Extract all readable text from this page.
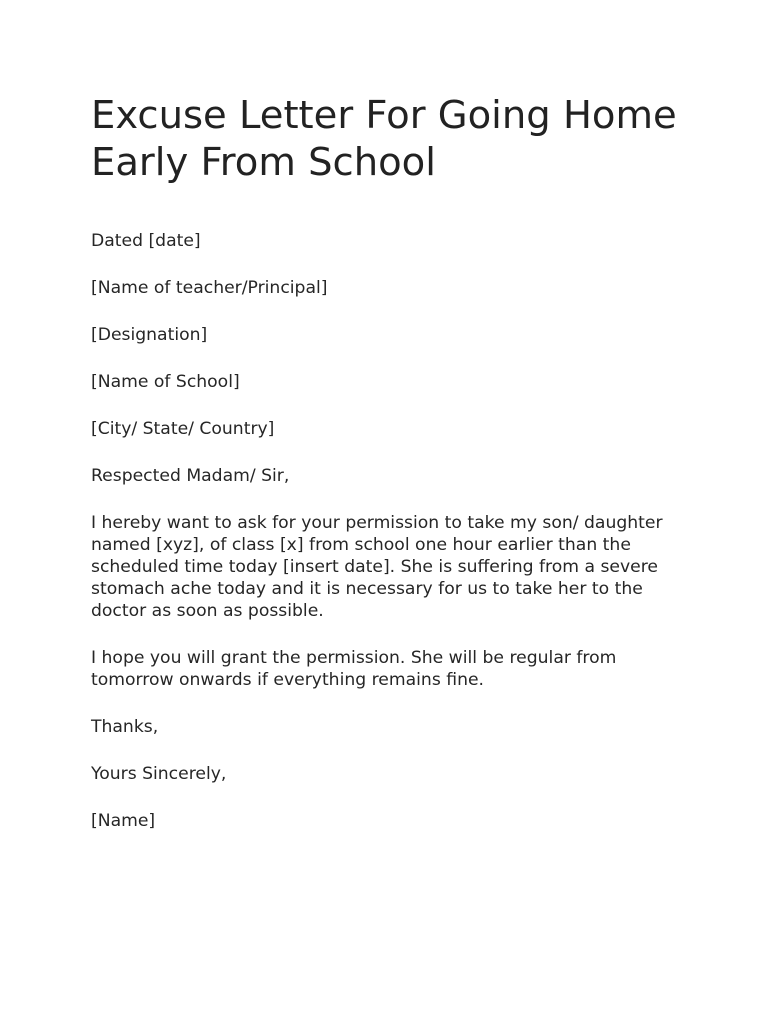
Excuse Letter For Going Home Early From School

Dated [date]

[Name of teacher/Principal]

[Designation]

[Name of School]

[City/ State/ Country]

Respected Madam/ Sir,

I hereby want to ask for your permission to take my son/ daughter named [xyz], of class [x] from school one hour earlier than the scheduled time today [insert date]. She is suffering from a severe stomach ache today and it is necessary for us to take her to the doctor as soon as possible.

I hope you will grant the permission. She will be regular from tomorrow onwards if everything remains fine.

Thanks,

Yours Sincerely,

[Name]
